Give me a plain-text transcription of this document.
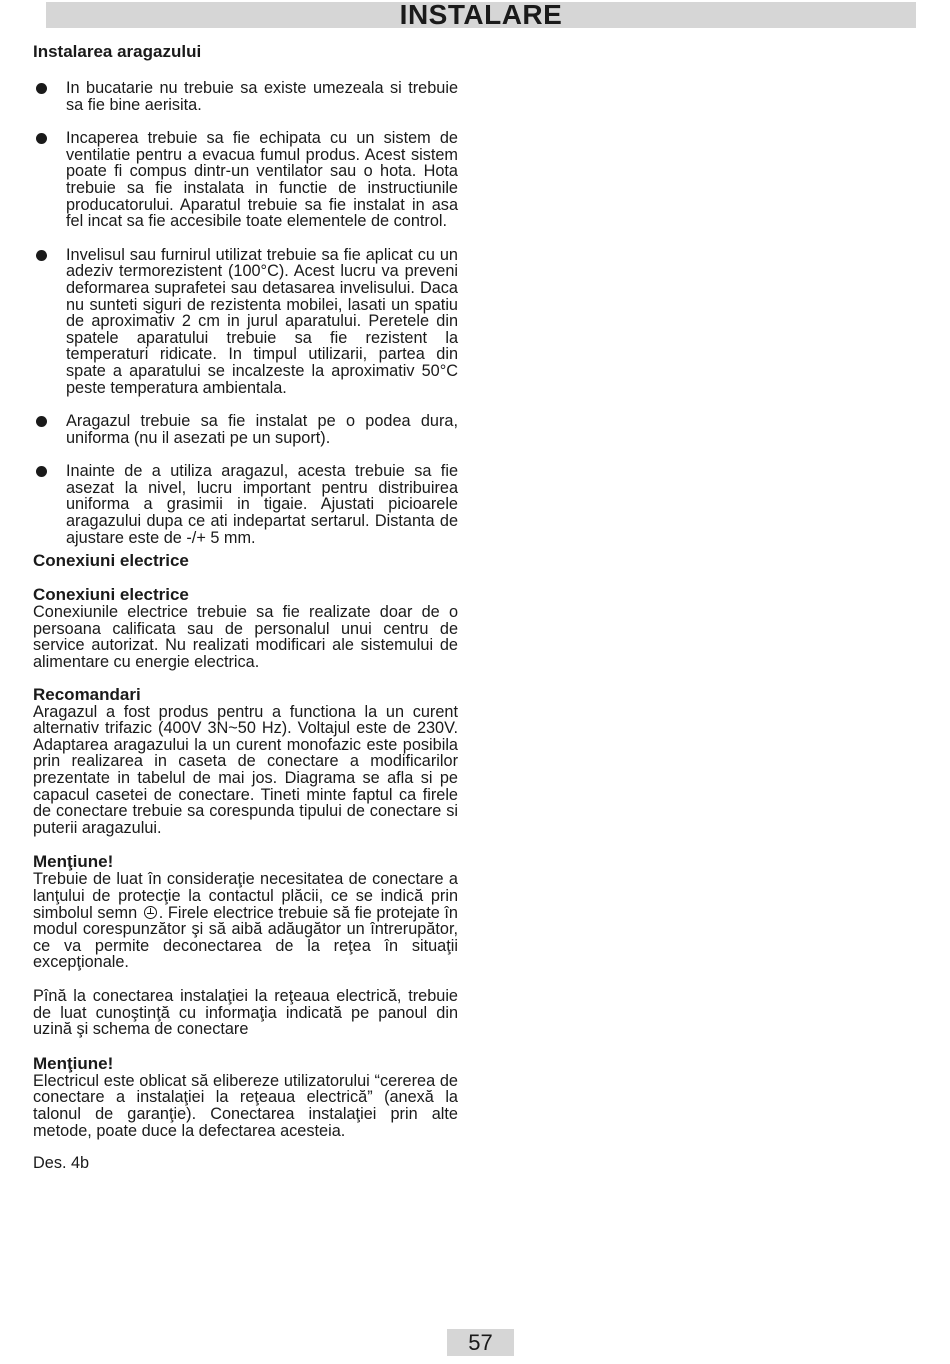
INSTALARE
Instalarea aragazului
In bucatarie nu trebuie sa existe umezeala si trebuie sa fie bine aerisita.
Incaperea trebuie sa fie echipata cu un sistem de ventilatie pentru a evacua fumul produs. Acest sistem poate fi compus dintr-un ventilator sau o hota. Hota trebuie sa fie instalata in functie de instructiunile producatorului. Aparatul trebuie sa fie instalat in asa fel incat sa fie accesibile toate elementele de control.
Invelisul sau furnirul utilizat trebuie sa fie aplicat cu un adeziv termorezistent (100°C). Acest lucru va preveni deformarea suprafetei sau detasarea invelisului. Daca nu sunteti siguri de rezistenta mobilei, lasati un spatiu de aproximativ 2 cm in jurul aparatului. Peretele din spatele aparatului trebuie sa fie rezistent la temperaturi ridicate. In timpul utilizarii, partea din spate a aparatului se incalzeste la aproximativ 50°C peste temperatura ambientala.
Aragazul trebuie sa fie instalat pe o podea dura, uniforma (nu il asezati pe un suport).
Inainte de a utiliza aragazul, acesta trebuie sa fie asezat la nivel, lucru important pentru distribuirea uniforma a grasimii in tigaie. Ajustati picioarele aragazului dupa ce ati indepartat sertarul. Distanta de ajustare este de -/+ 5 mm.
Conexiuni electrice
Conexiuni electrice

Conexiunile electrice trebuie sa fie realizate doar de o persoana calificata sau de personalul unui centru de service autorizat. Nu realizati modificari ale sistemului de alimentare cu energie electrica.

Recomandari

Aragazul a fost produs pentru a functiona la un curent alternativ trifazic (400V 3N~50 Hz). Voltajul este de 230V. Adaptarea aragazului la un curent monofazic este posibila prin realizarea in caseta de conectare a modificarilor prezentate in tabelul de mai jos. Diagrama se afla si pe capacul casetei de conectare. Tineti minte faptul ca firele de conectare trebuie sa corespunda tipului de conectare si puterii aragazului.

Menţiune!

Trebuie de luat în consideraţie necesitatea de conectare a lanţului de protecţie la contactul plăcii, ce se indică prin simbolul semn . Firele electrice trebuie să fie protejate în modul corespunzător şi să aibă adăugător un întrerupător, ce va permite deconectarea de la reţea în situaţii excepţionale.

Pînă la conectarea instalaţiei la reţeaua electrică, trebuie de luat cunoştinţă cu informaţia indicată pe panoul din uzină şi schema de conectare

Menţiune!

Electricul este oblicat să elibereze utilizatorului “cererea de conectare a instalaţiei la reţeaua electrică” (anexă la talonul de garanţie). Conectarea instalaţiei prin alte metode, poate duce la defectarea acesteia.

Des. 4b
57
